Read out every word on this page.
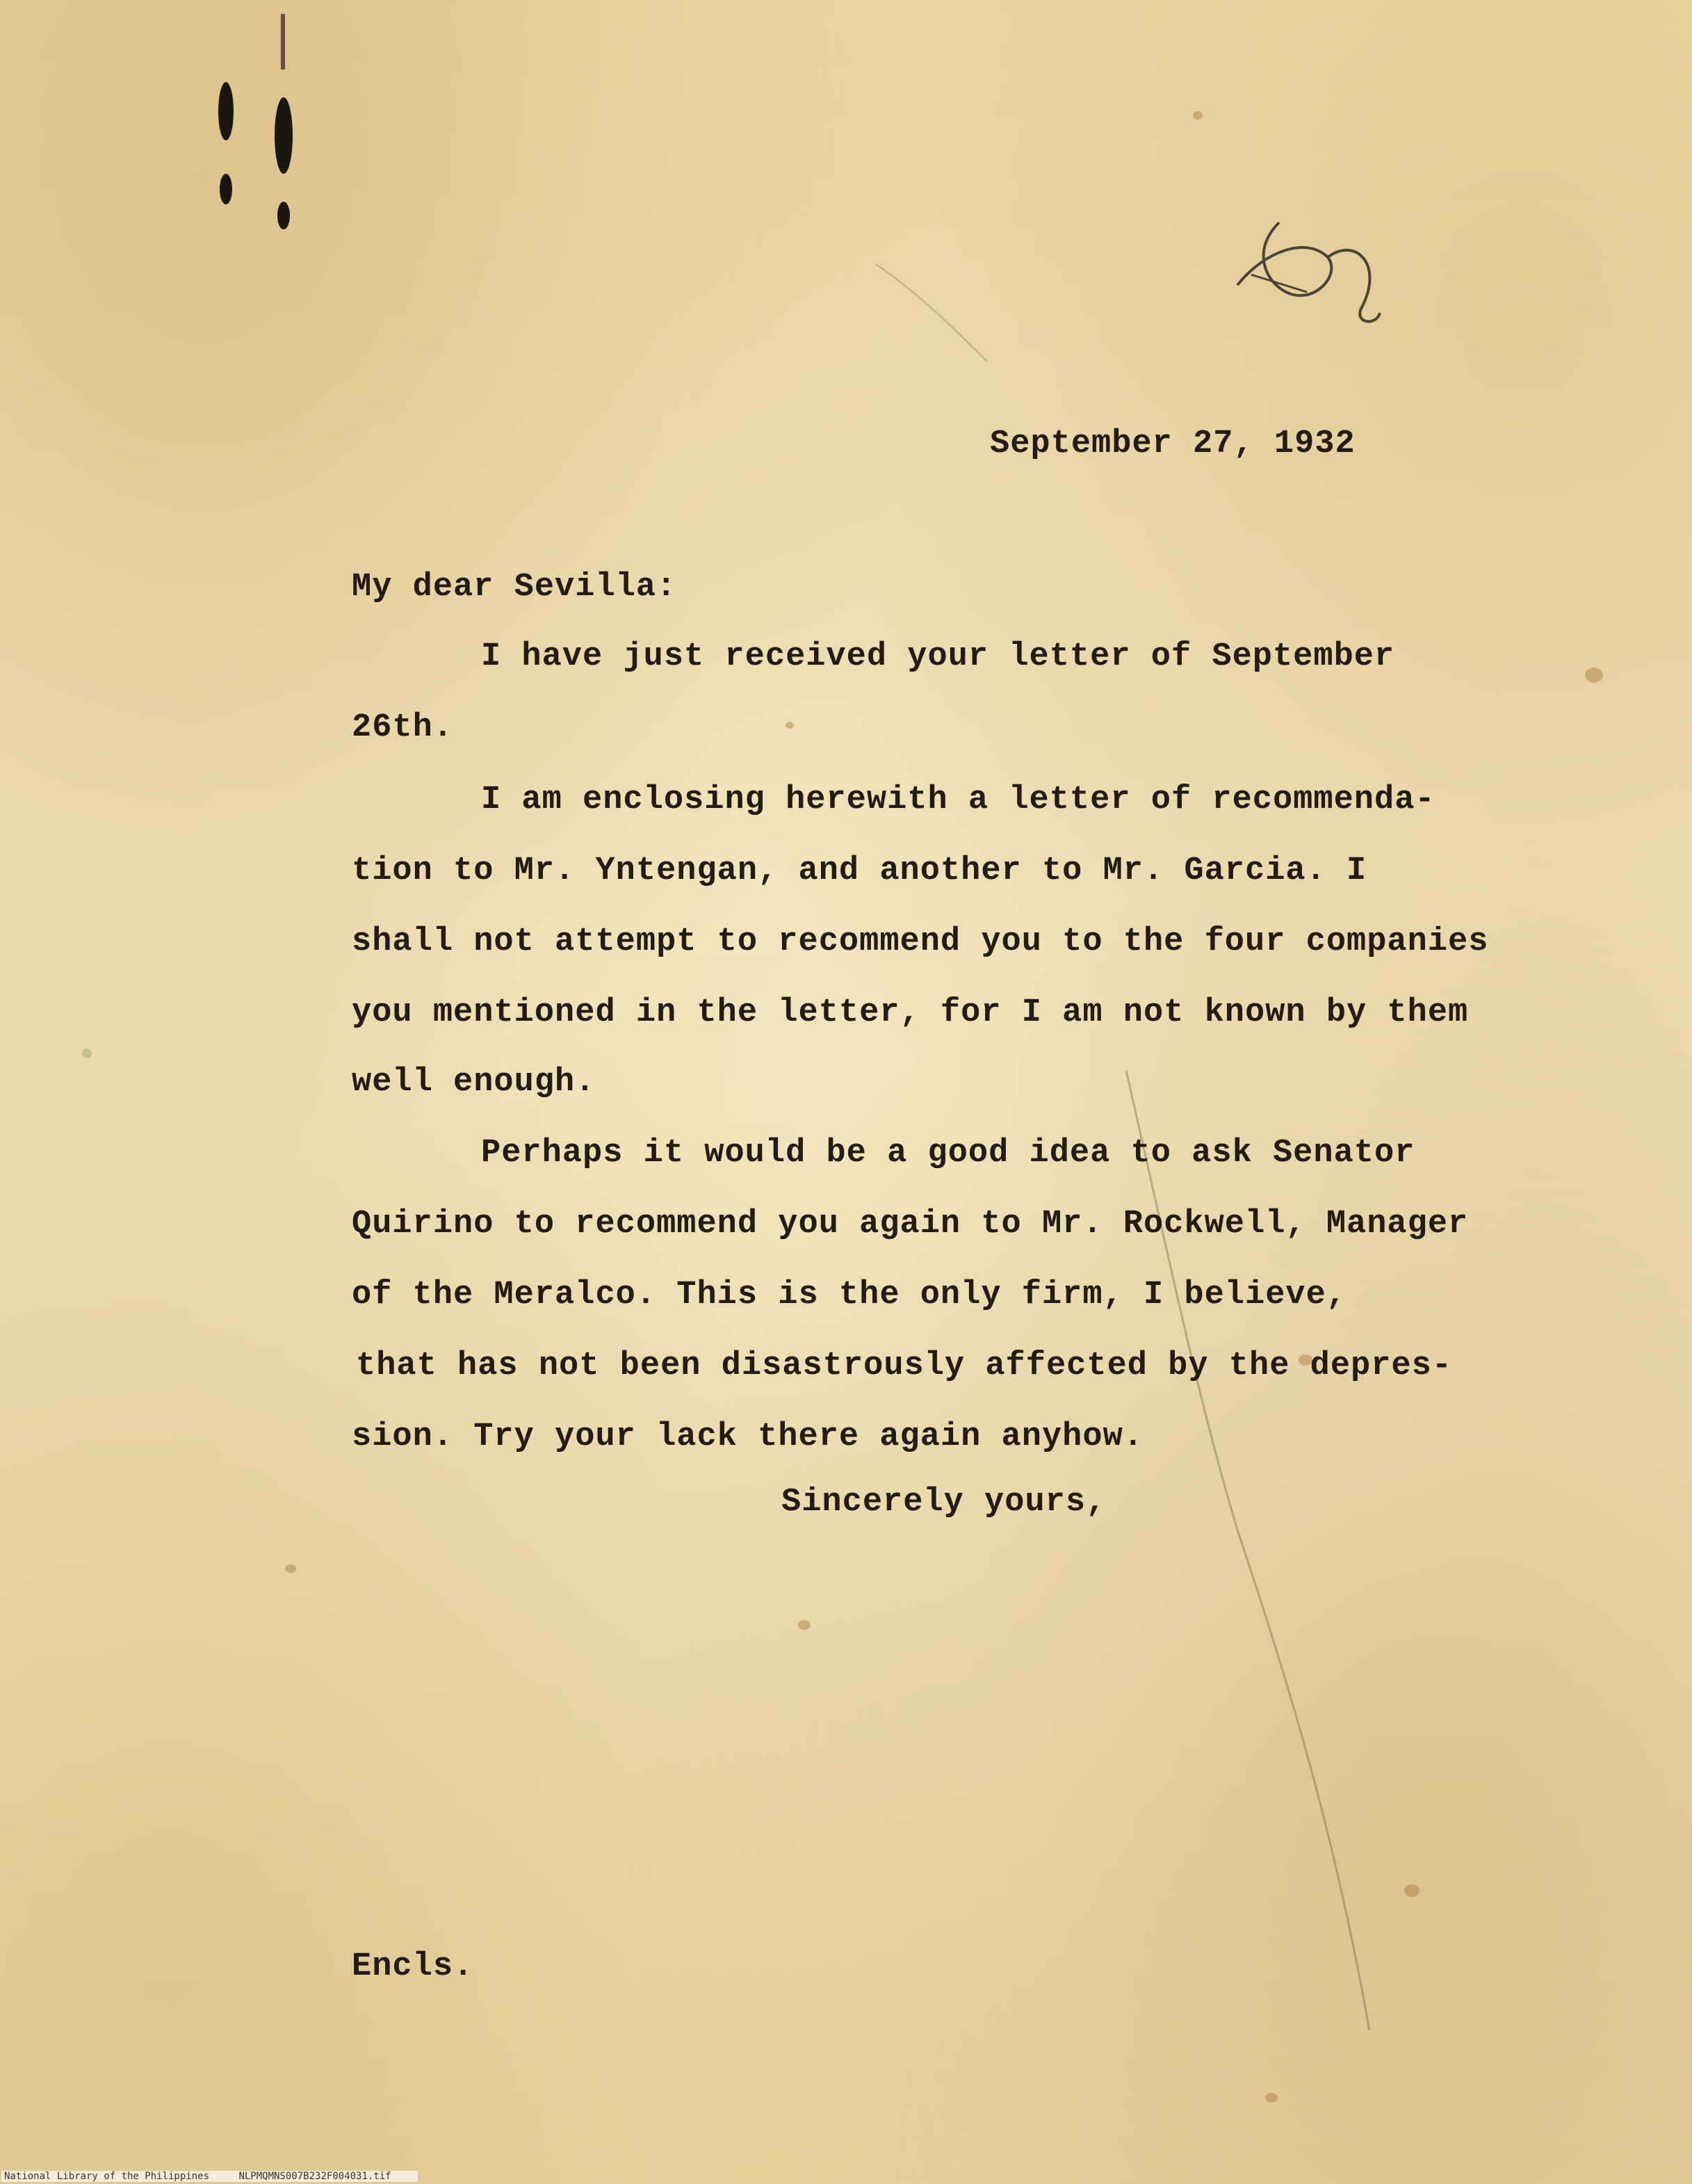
September 27, 1932
My dear Sevilla:
I have just received your letter of September
26th.
I am enclosing herewith a letter of recommenda-
tion to Mr. Yntengan, and another to Mr. Garcia. I
shall not attempt to recommend you to the four companies
you mentioned in the letter, for I am not known by them
well enough.
Perhaps it would be a good idea to ask Senator
Quirino to recommend you again to Mr. Rockwell, Manager
of the Meralco. This is the only firm, I believe,
that has not been disastrously affected by the depres-
sion. Try your lack there again anyhow.
Sincerely yours,
Encls.
National Library of the Philippines	NLPMQMNS007B232F004031.tif
